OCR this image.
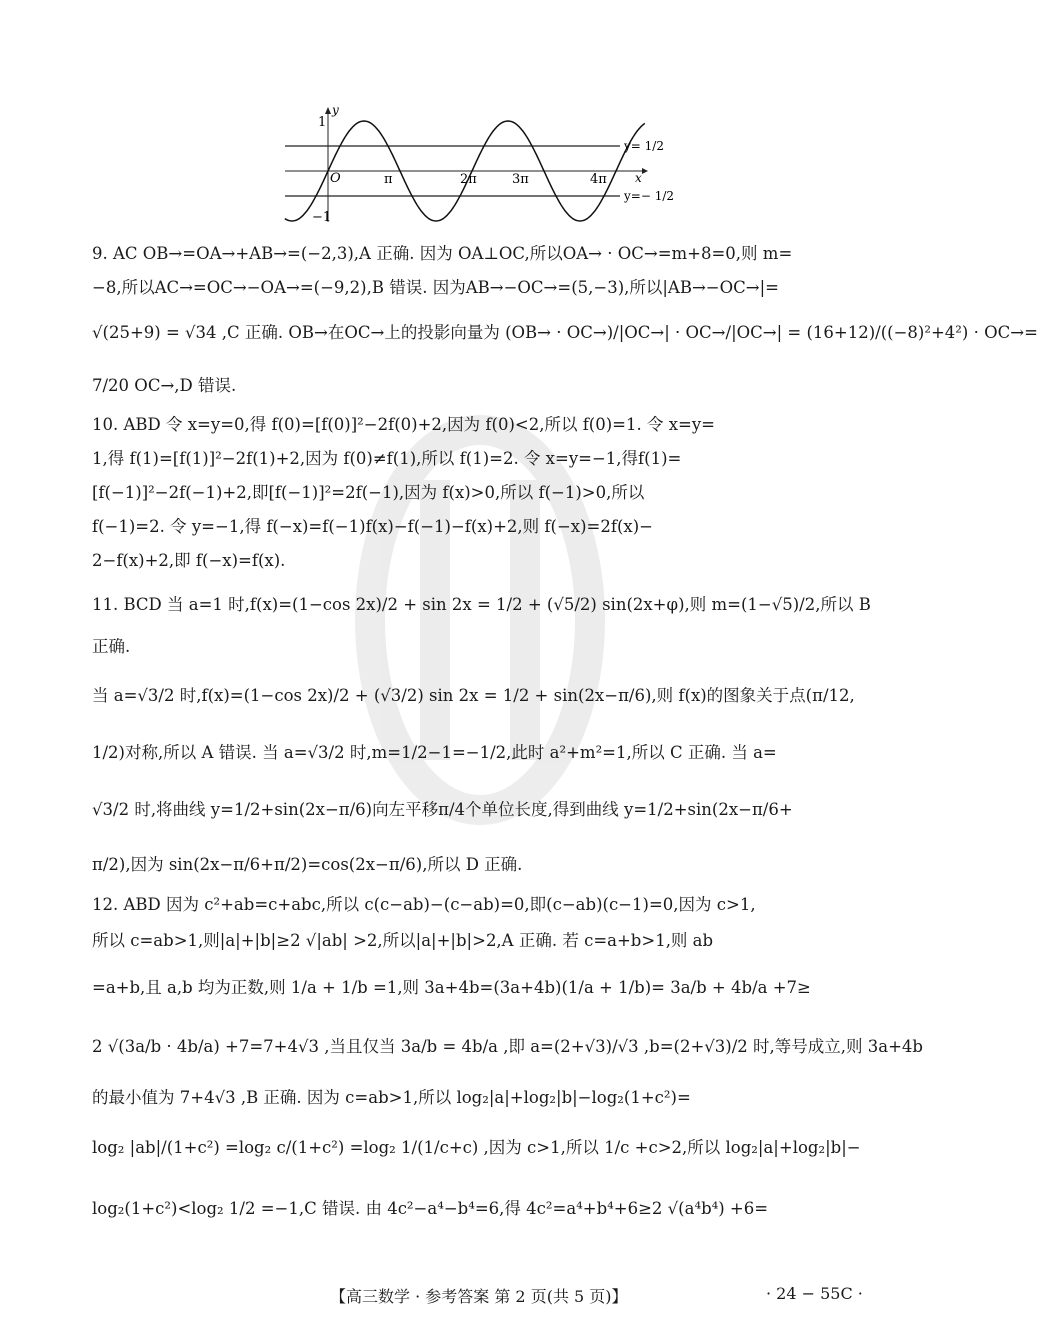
y
1
−1
O	x
π	2π	3π	4π
y= 1/2
y=− 1/2
9. AC OB→=OA→+AB→=(−2,3),A 正确. 因为 OA⊥OC,所以OA→ · OC→=m+8=0,则 m=
−8,所以AC→=OC→−OA→=(−9,2),B 错误. 因为AB→−OC→=(5,−3),所以|AB→−OC→|=
√(25+9) = √34 ,C 正确. OB→在OC→上的投影向量为 (OB→ · OC→)/|OC→| · OC→/|OC→| = (16+12)/((−8)²+4²) · OC→=
7/20 OC→,D 错误.
10. ABD 令 x=y=0,得 f(0)=[f(0)]²−2f(0)+2,因为 f(0)<2,所以 f(0)=1. 令 x=y=
1,得 f(1)=[f(1)]²−2f(1)+2,因为 f(0)≠f(1),所以 f(1)=2. 令 x=y=−1,得f(1)=
[f(−1)]²−2f(−1)+2,即[f(−1)]²=2f(−1),因为 f(x)>0,所以 f(−1)>0,所以
f(−1)=2. 令 y=−1,得 f(−x)=f(−1)f(x)−f(−1)−f(x)+2,则 f(−x)=2f(x)−
2−f(x)+2,即 f(−x)=f(x).
11. BCD 当 a=1 时,f(x)=(1−cos 2x)/2 + sin 2x = 1/2 + (√5/2) sin(2x+φ),则 m=(1−√5)/2,所以 B
正确.
当 a=√3/2 时,f(x)=(1−cos 2x)/2 + (√3/2) sin 2x = 1/2 + sin(2x−π/6),则 f(x)的图象关于点(π/12,
1/2)对称,所以 A 错误. 当 a=√3/2 时,m=1/2−1=−1/2,此时 a²+m²=1,所以 C 正确. 当 a=
√3/2 时,将曲线 y=1/2+sin(2x−π/6)向左平移π/4个单位长度,得到曲线 y=1/2+sin(2x−π/6+
π/2),因为 sin(2x−π/6+π/2)=cos(2x−π/6),所以 D 正确.
12. ABD 因为 c²+ab=c+abc,所以 c(c−ab)−(c−ab)=0,即(c−ab)(c−1)=0,因为 c>1,
所以 c=ab>1,则|a|+|b|≥2 √|ab| >2,所以|a|+|b|>2,A 正确. 若 c=a+b>1,则 ab
=a+b,且 a,b 均为正数,则 1/a + 1/b =1,则 3a+4b=(3a+4b)(1/a + 1/b)= 3a/b + 4b/a +7≥
2 √(3a/b · 4b/a) +7=7+4√3 ,当且仅当 3a/b = 4b/a ,即 a=(2+√3)/√3 ,b=(2+√3)/2 时,等号成立,则 3a+4b
的最小值为 7+4√3 ,B 正确. 因为 c=ab>1,所以 log₂|a|+log₂|b|−log₂(1+c²)=
log₂ |ab|/(1+c²) =log₂ c/(1+c²) =log₂ 1/(1/c+c) ,因为 c>1,所以 1/c +c>2,所以 log₂|a|+log₂|b|−
log₂(1+c²)<log₂ 1/2 =−1,C 错误. 由 4c²−a⁴−b⁴=6,得 4c²=a⁴+b⁴+6≥2 √(a⁴b⁴) +6=
【高三数学 · 参考答案 第 2 页(共 5 页)】	· 24 − 55C ·
